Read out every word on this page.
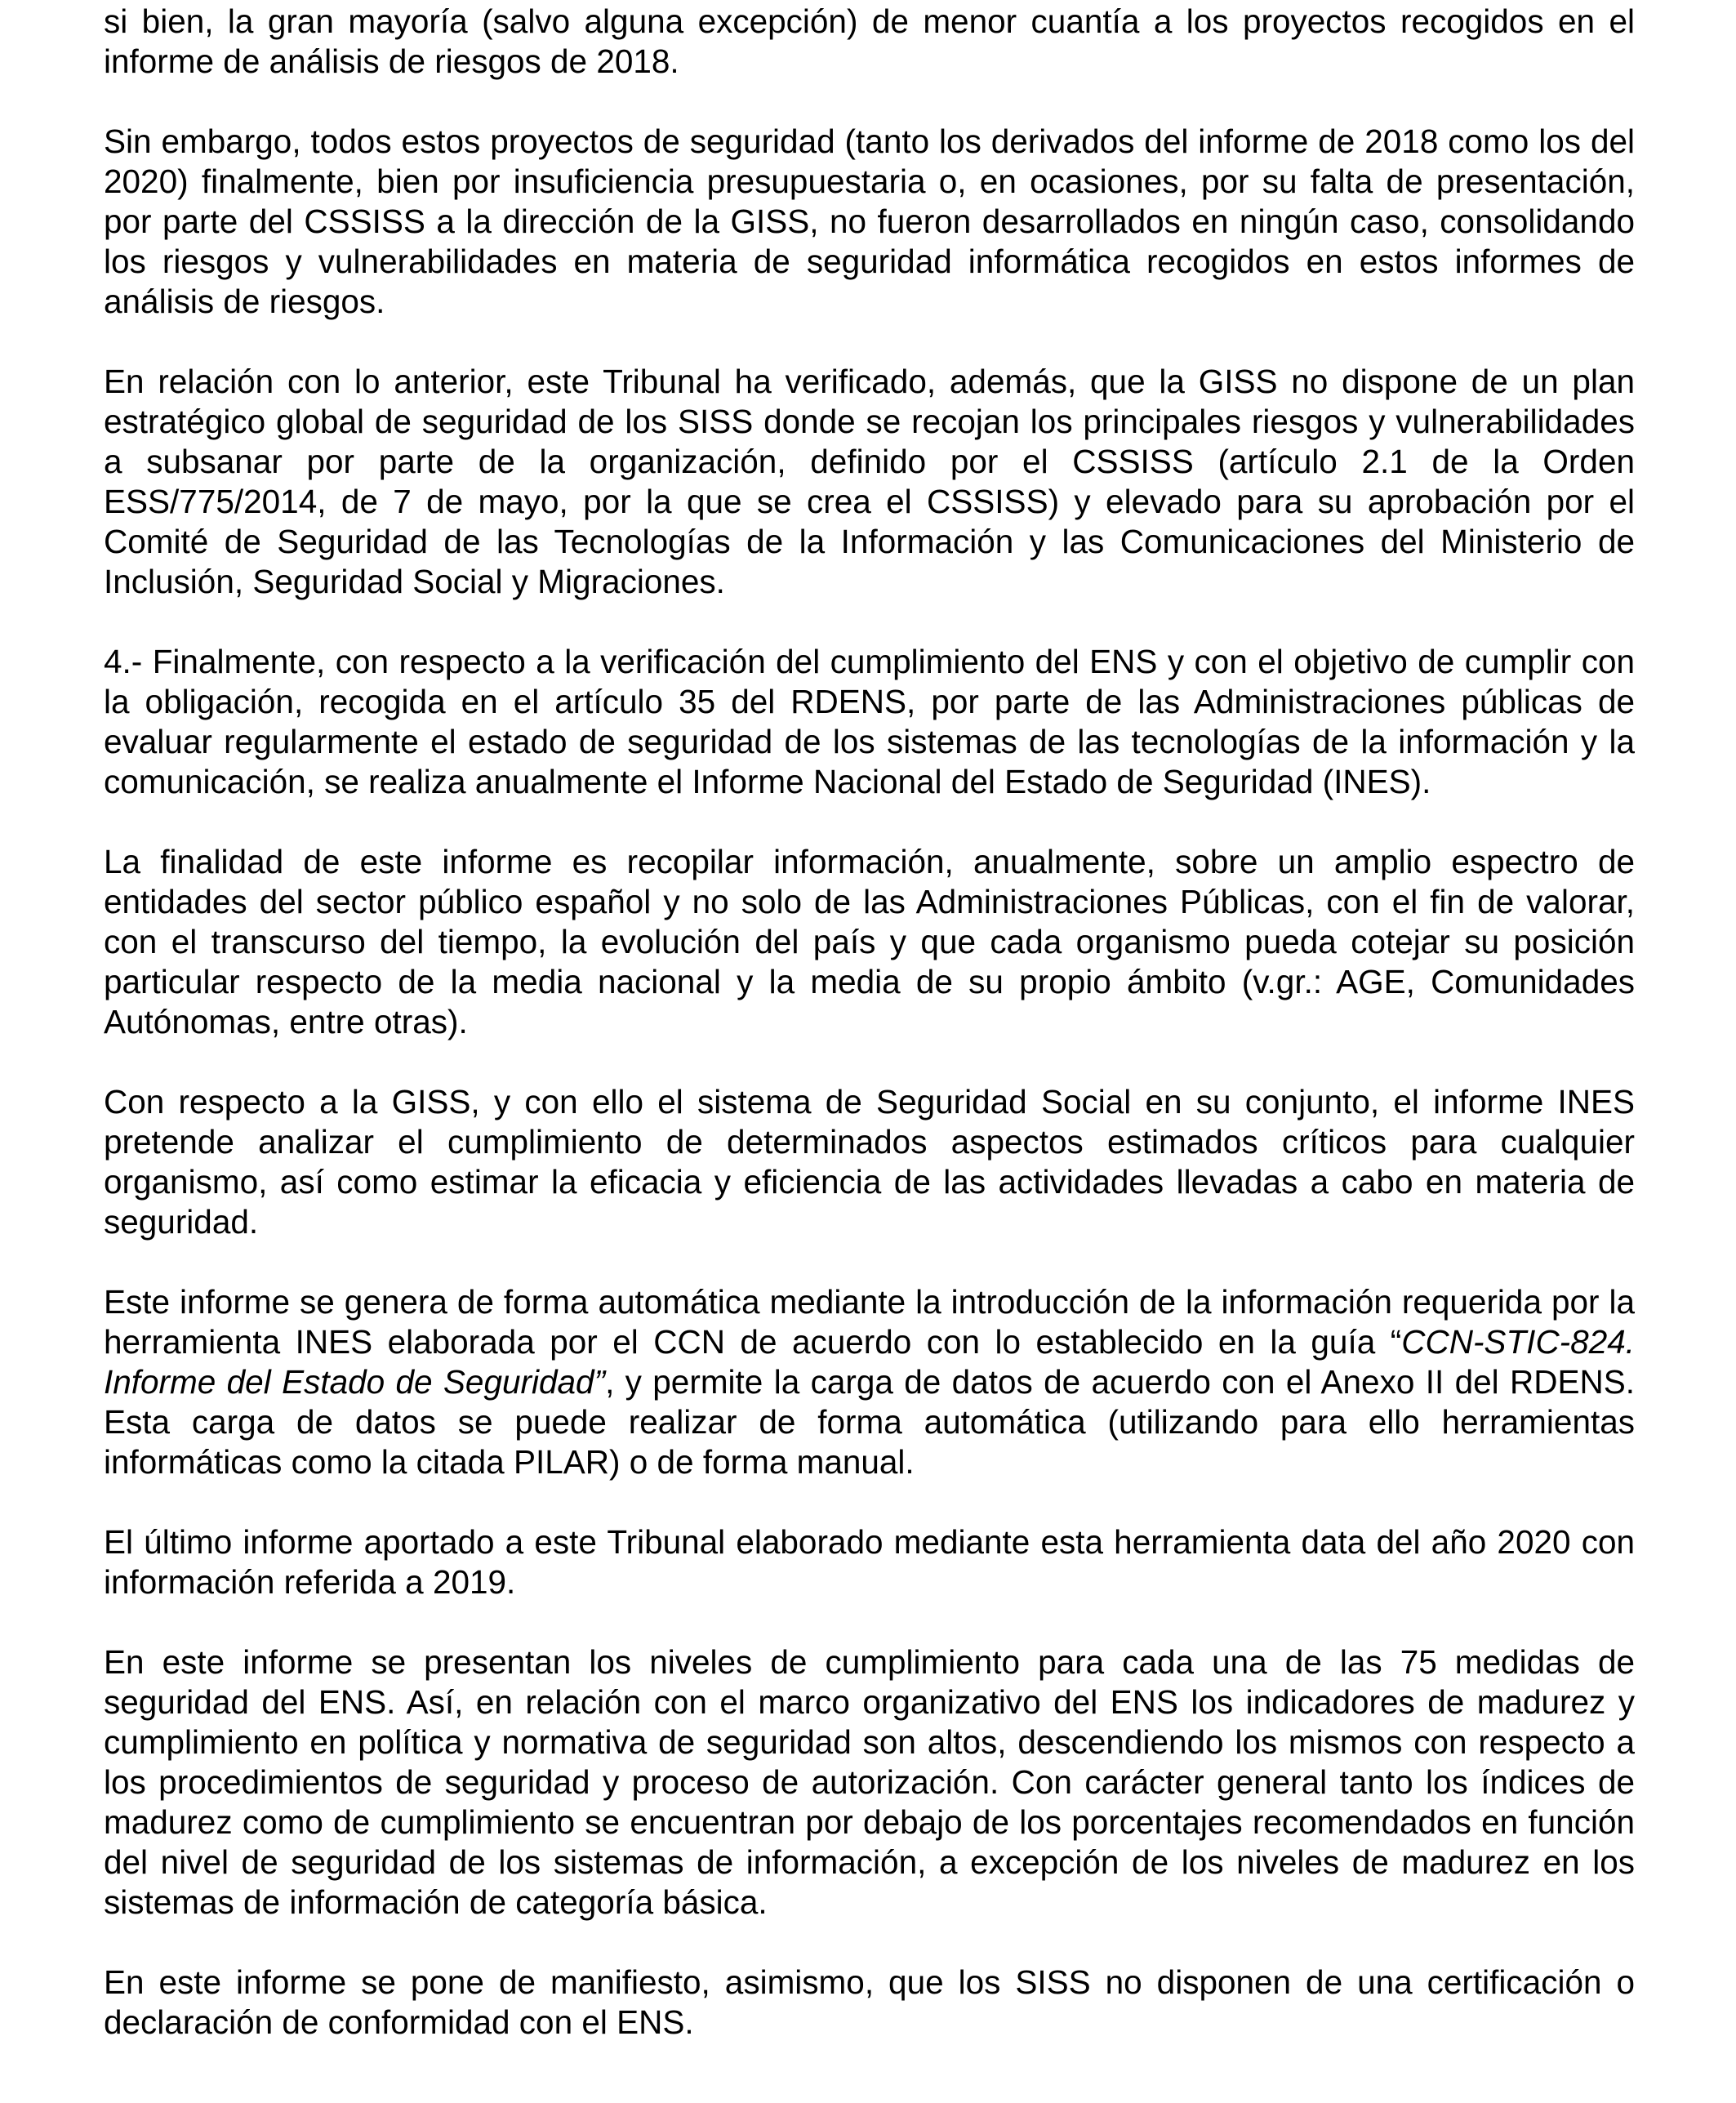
si bien, la gran mayoría (salvo alguna excepción) de menor cuantía a los proyectos recogidos en el informe de análisis de riesgos de 2018.

Sin embargo, todos estos proyectos de seguridad (tanto los derivados del informe de 2018 como los del 2020) finalmente, bien por insuficiencia presupuestaria o, en ocasiones, por su falta de presentación, por parte del CSSISS a la dirección de la GISS, no fueron desarrollados en ningún caso, consolidando los riesgos y vulnerabilidades en materia de seguridad informática recogidos en estos informes de análisis de riesgos.

En relación con lo anterior, este Tribunal ha verificado, además, que la GISS no dispone de un plan estratégico global de seguridad de los SISS donde se recojan los principales riesgos y vulnerabilidades a subsanar por parte de la organización, definido por el CSSISS (artículo 2.1 de la Orden ESS/775/2014, de 7 de mayo, por la que se crea el CSSISS) y elevado para su aprobación por el Comité de Seguridad de las Tecnologías de la Información y las Comunicaciones del Ministerio de Inclusión, Seguridad Social y Migraciones.

4.- Finalmente, con respecto a la verificación del cumplimiento del ENS y con el objetivo de cumplir con la obligación, recogida en el artículo 35 del RDENS, por parte de las Administraciones públicas de evaluar regularmente el estado de seguridad de los sistemas de las tecnologías de la información y la comunicación, se realiza anualmente el Informe Nacional del Estado de Seguridad (INES).

La finalidad de este informe es recopilar información, anualmente, sobre un amplio espectro de entidades del sector público español y no solo de las Administraciones Públicas, con el fin de valorar, con el transcurso del tiempo, la evolución del país y que cada organismo pueda cotejar su posición particular respecto de la media nacional y la media de su propio ámbito (v.gr.: AGE, Comunidades Autónomas, entre otras).

Con respecto a la GISS, y con ello el sistema de Seguridad Social en su conjunto, el informe INES pretende analizar el cumplimiento de determinados aspectos estimados críticos para cualquier organismo, así como estimar la eficacia y eficiencia de las actividades llevadas a cabo en materia de seguridad.

Este informe se genera de forma automática mediante la introducción de la información requerida por la herramienta INES elaborada por el CCN de acuerdo con lo establecido en la guía “CCN-STIC-824. Informe del Estado de Seguridad”, y permite la carga de datos de acuerdo con el Anexo II del RDENS. Esta carga de datos se puede realizar de forma automática (utilizando para ello herramientas informáticas como la citada PILAR) o de forma manual.

El último informe aportado a este Tribunal elaborado mediante esta herramienta data del año 2020 con información referida a 2019.

En este informe se presentan los niveles de cumplimiento para cada una de las 75 medidas de seguridad del ENS. Así, en relación con el marco organizativo del ENS los indicadores de madurez y cumplimiento en política y normativa de seguridad son altos, descendiendo los mismos con respecto a los procedimientos de seguridad y proceso de autorización. Con carácter general tanto los índices de madurez como de cumplimiento se encuentran por debajo de los porcentajes recomendados en función del nivel de seguridad de los sistemas de información, a excepción de los niveles de madurez en los sistemas de información de categoría básica.

En este informe se pone de manifiesto, asimismo, que los SISS no disponen de una certificación o declaración de conformidad con el ENS.
